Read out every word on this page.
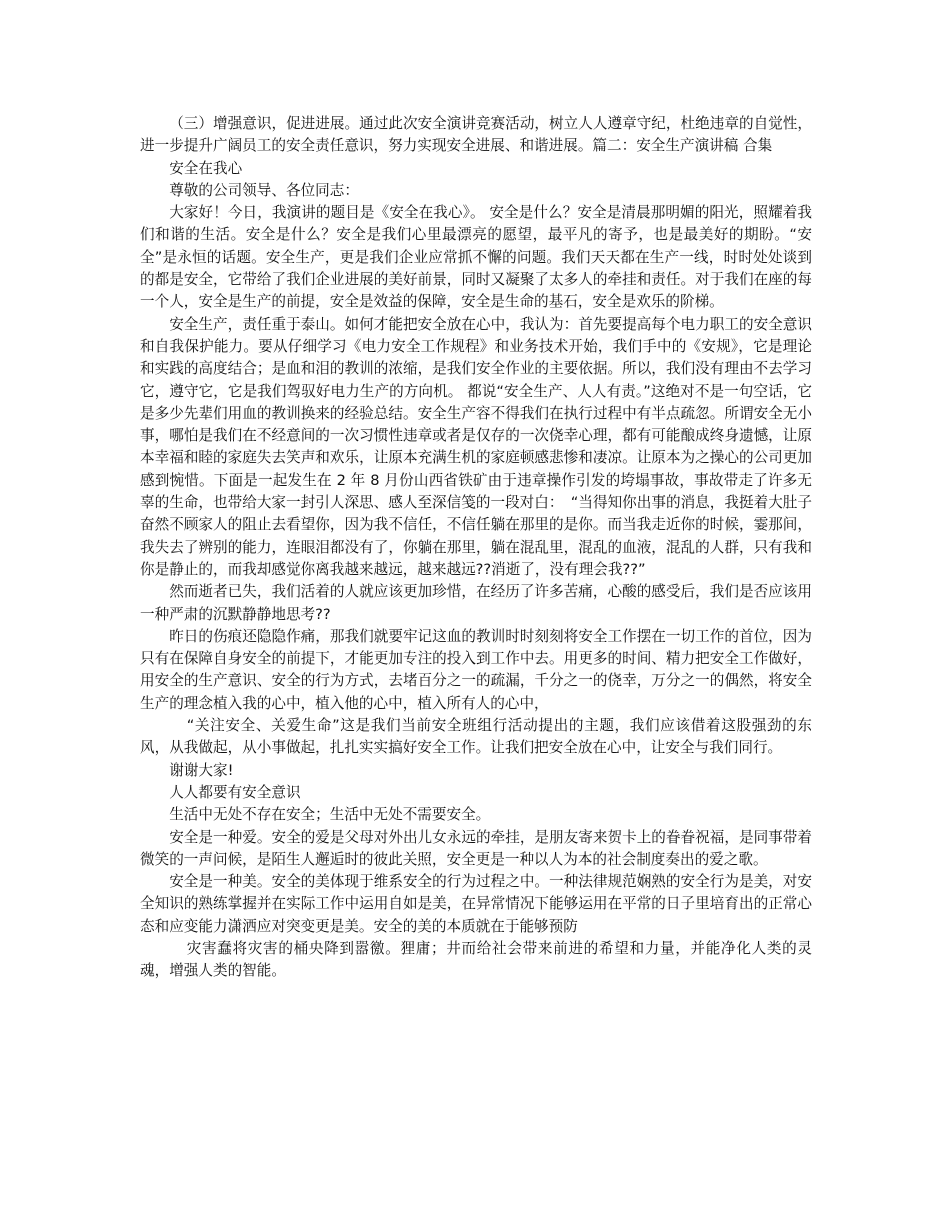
（三）增强意识，促进进展。通过此次安全演讲竞赛活动，树立人人遵章守纪，杜绝违章的自觉性，进一步提升广阔员工的安全责任意识，努力实现安全进展、和谐进展。篇二：安全生产演讲稿 合集

安全在我心

尊敬的公司领导、各位同志：

大家好！今日，我演讲的题目是《安全在我心》。 安全是什么？安全是清晨那明媚的阳光，照耀着我们和谐的生活。安全是什么？安全是我们心里最漂亮的愿望，最平凡的寄予，也是最美好的期盼。“安全”是永恒的话题。安全生产，更是我们企业应常抓不懈的问题。我们天天都在生产一线，时时处处谈到的都是安全，它带给了我们企业进展的美好前景，同时又凝聚了太多人的牵挂和责任。对于我们在座的每一个人，安全是生产的前提，安全是效益的保障，安全是生命的基石，安全是欢乐的阶梯。

安全生产，责任重于泰山。如何才能把安全放在心中，我认为：首先要提高每个电力职工的安全意识和自我保护能力。要从仔细学习《电力安全工作规程》和业务技术开始，我们手中的《安规》，它是理论和实践的高度结合；是血和泪的教训的浓缩，是我们安全作业的主要依据。所以，我们没有理由不去学习它，遵守它，它是我们驾驭好电力生产的方向机。 都说“安全生产、人人有责。”这绝对不是一句空话，它是多少先辈们用血的教训换来的经验总结。安全生产容不得我们在执行过程中有半点疏忽。所谓安全无小事，哪怕是我们在不经意间的一次习惯性违章或者是仅存的一次侥幸心理，都有可能酿成终身遗憾，让原本幸福和睦的家庭失去笑声和欢乐，让原本充满生机的家庭顿感悲惨和凄凉。让原本为之操心的公司更加感到惋惜。下面是一起发生在 2 年 8 月份山西省铁矿由于违章操作引发的垮塌事故，事故带走了许多无辜的生命，也带给大家一封引人深思、感人至深信笺的一段对白：　“当得知你出事的消息，我挺着大肚子奋然不顾家人的阻止去看望你，因为我不信任，不信任躺在那里的是你。而当我走近你的时候，霎那间，我失去了辨别的能力，连眼泪都没有了，你躺在那里，躺在混乱里，混乱的血液，混乱的人群，只有我和你是静止的，而我却感觉你离我越来越远，越来越远??消逝了，没有理会我??”

然而逝者已失，我们活着的人就应该更加珍惜，在经历了许多苦痛，心酸的感受后，我们是否应该用一种严肃的沉默静静地思考??

昨日的伤痕还隐隐作痛，那我们就要牢记这血的教训时时刻刻将安全工作摆在一切工作的首位，因为只有在保障自身安全的前提下，才能更加专注的投入到工作中去。用更多的时间、精力把安全工作做好，用安全的生产意识、安全的行为方式，去堵百分之一的疏漏，千分之一的侥幸，万分之一的偶然，将安全生产的理念植入我的心中，植入他的心中，植入所有人的心中，

“关注安全、关爱生命”这是我们当前安全班组行活动提出的主题，我们应该借着这股强劲的东风，从我做起，从小事做起，扎扎实实搞好安全工作。让我们把安全放在心中，让安全与我们同行。

谢谢大家!

人人都要有安全意识

生活中无处不存在安全；生活中无处不需要安全。

安全是一种爱。安全的爱是父母对外出儿女永远的牵挂，是朋友寄来贺卡上的眷眷祝福，是同事带着微笑的一声问候，是陌生人邂逅时的彼此关照，安全更是一种以人为本的社会制度奏出的爱之歌。

安全是一种美。安全的美体现于维系安全的行为过程之中。一种法律规范娴熟的安全行为是美，对安全知识的熟练掌握并在实际工作中运用自如是美，在异常情况下能够运用在平常的日子里培育出的正常心态和应变能力潇洒应对突变更是美。安全的美的本质就在于能够预防

灾害蠢将灾害的桶央降到嚣徼。狸庸；井而给社会带来前进的希望和力量，并能净化人类的灵魂，增强人类的智能。
